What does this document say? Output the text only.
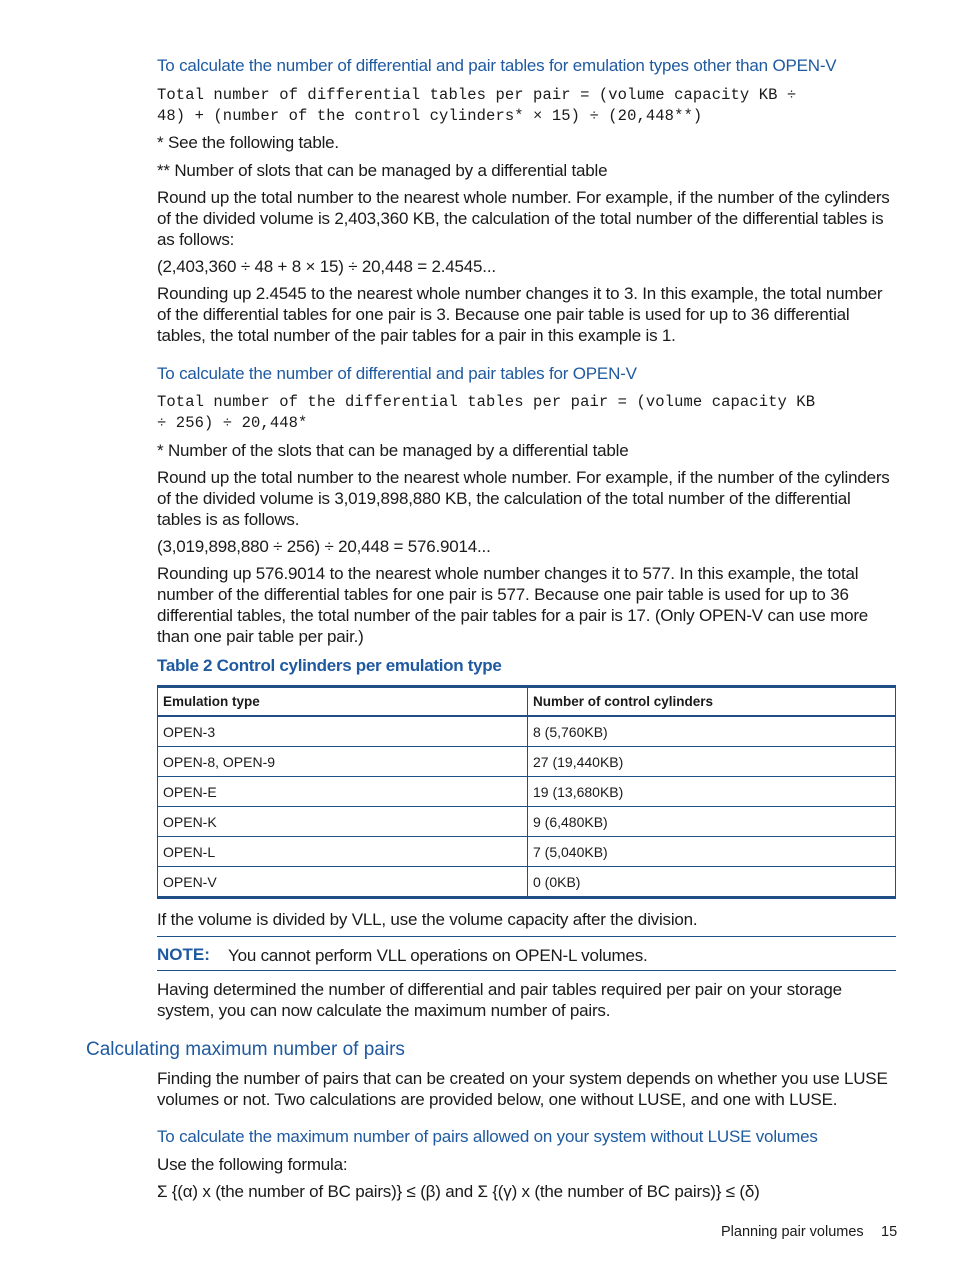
To calculate the number of differential and pair tables for emulation types other than OPEN-V
Total number of differential tables per pair = (volume capacity KB ÷
48) + (number of the control cylinders* × 15) ÷ (20,448**)
* See the following table.
** Number of slots that can be managed by a differential table
Round up the total number to the nearest whole number. For example, if the number of the cylinders of the divided volume is 2,403,360 KB, the calculation of the total number of the differential tables is as follows:
(2,403,360 ÷ 48 + 8 × 15) ÷ 20,448 = 2.4545...
Rounding up 2.4545 to the nearest whole number changes it to 3. In this example, the total number of the differential tables for one pair is 3. Because one pair table is used for up to 36 differential tables, the total number of the pair tables for a pair in this example is 1.
To calculate the number of differential and pair tables for OPEN-V
Total number of the differential tables per pair = (volume capacity KB
÷ 256) ÷ 20,448*
* Number of the slots that can be managed by a differential table
Round up the total number to the nearest whole number. For example, if the number of the cylinders of the divided volume is 3,019,898,880 KB, the calculation of the total number of the differential tables is as follows.
(3,019,898,880 ÷ 256) ÷ 20,448 = 576.9014...
Rounding up 576.9014 to the nearest whole number changes it to 577. In this example, the total number of the differential tables for one pair is 577. Because one pair table is used for up to 36 differential tables, the total number of the pair tables for a pair is 17. (Only OPEN-V can use more than one pair table per pair.)
Table 2 Control cylinders per emulation type
Emulation type	Number of control cylinders
OPEN-3	8 (5,760KB)
OPEN-8, OPEN-9	27 (19,440KB)
OPEN-E	19 (13,680KB)
OPEN-K	9 (6,480KB)
OPEN-L	7 (5,040KB)
OPEN-V	0 (0KB)
If the volume is divided by VLL, use the volume capacity after the division.
NOTE: You cannot perform VLL operations on OPEN-L volumes.
Having determined the number of differential and pair tables required per pair on your storage system, you can now calculate the maximum number of pairs.
Calculating maximum number of pairs
Finding the number of pairs that can be created on your system depends on whether you use LUSE volumes or not. Two calculations are provided below, one without LUSE, and one with LUSE.
To calculate the maximum number of pairs allowed on your system without LUSE volumes
Use the following formula:
Σ {(α) x (the number of BC pairs)} ≤ (β) and Σ {(γ) x (the number of BC pairs)} ≤ (δ)
Planning pair volumes 15
